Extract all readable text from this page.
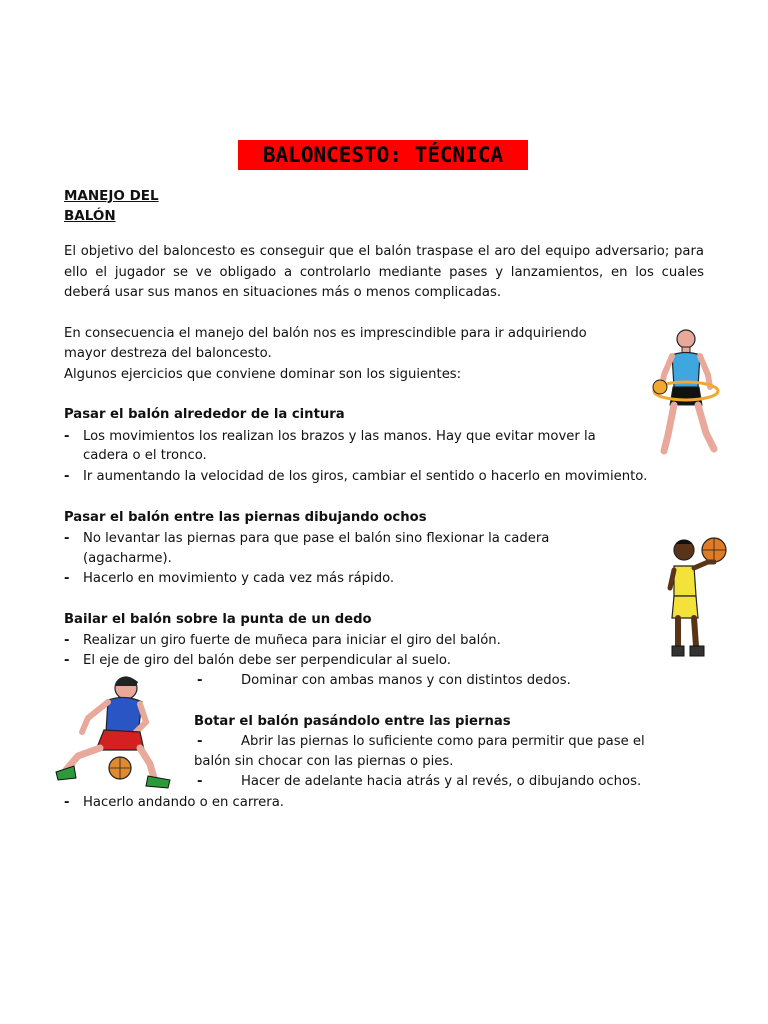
BALONCESTO: TÉCNICA
MANEJO DEL
BALÓN
El objetivo del baloncesto es conseguir que el balón traspase el aro del equipo adversario; para ello el jugador se ve obligado a controlarlo mediante pases y lanzamientos, en los cuales deberá usar sus manos en situaciones más o menos complicadas.
En consecuencia el manejo del balón nos es imprescindible para ir adquiriendo
mayor destreza del baloncesto.
Algunos ejercicios que conviene dominar son los siguientes:
Pasar el balón alrededor de la cintura
-	Los movimientos los realizan los brazos y las manos. Hay que evitar mover la
cadera o el tronco.
-	Ir aumentando la velocidad de los giros, cambiar el sentido o hacerlo en movimiento.
Pasar el balón entre las piernas dibujando ochos
-	No levantar las piernas para que pase el balón sino flexionar la cadera
(agacharme).
-	Hacerlo en movimiento y cada vez más rápido.
Bailar el balón sobre la punta de un dedo
-	Realizar un giro fuerte de muñeca para iniciar el giro del balón.
-	El eje de giro del balón debe ser perpendicular al suelo.
-	Dominar con ambas manos y con distintos dedos.
Botar el balón pasándolo entre las piernas
-	Abrir las piernas lo suficiente como para permitir que pase el
balón sin chocar con las piernas o pies.
-	Hacer de adelante hacia atrás y al revés, o dibujando ochos.
-	Hacerlo andando o en carrera.
